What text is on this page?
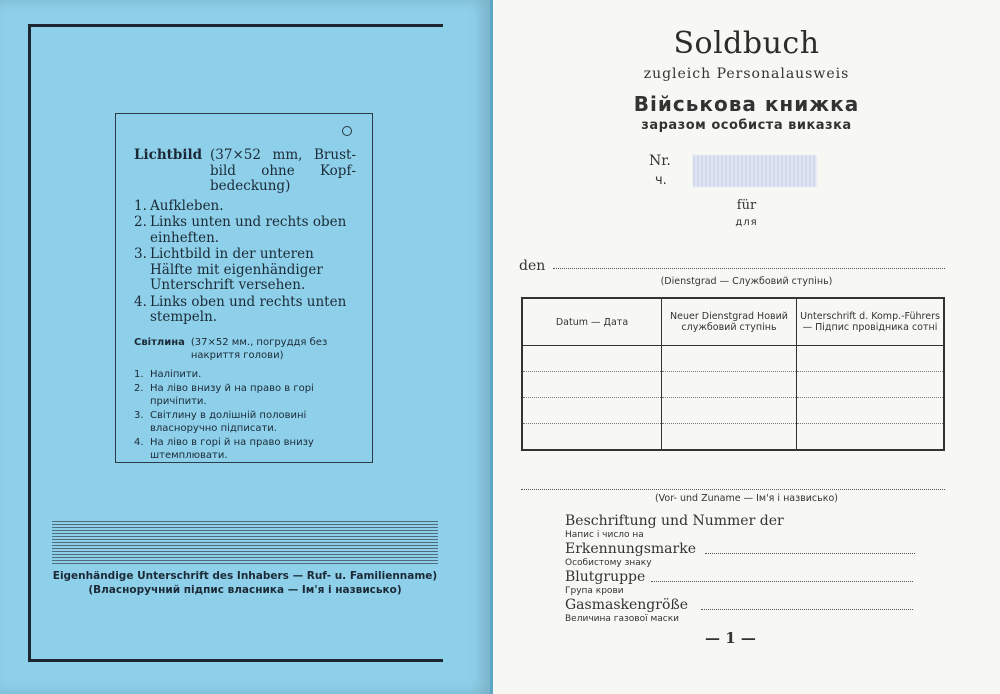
Lichtbild (37×52 mm, Brustbild ohne Kopfbedeckung)
1. Aufkleben.
2. Links unten und rechts oben einheften.
3. Lichtbild in der unteren Hälfte mit eigenhändiger Unterschrift versehen.
4. Links oben und rechts unten stempeln.
Світлина (37×52 мм., погруддя без накриття голови)
1. Наліпити.
2. На ліво внизу й на право в горі причіпити.
3. Світлину в долішній половині власноручно підписати.
4. На ліво в горі й на право внизу штемплювати.
Eigenhändige Unterschrift des Inhabers — Ruf- u. Familienname)
(Власноручний підпис власника — Ім'я і назвисько)
Soldbuch
zugleich Personalausweis
Військова книжка
заразом особиста виказка
Nr.
ч.
für
для
den
(Dienstgrad — Службовий ступінь)
Datum — Дата	Neuer Dienstgrad Новий службовий ступінь	Unterschrift d. Komp.-Führers — Підпис провідника сотні

(Vor- und Zuname — Ім'я і назвисько)
Beschriftung und Nummer der
Напис і число на
Erkennungsmarke
Особистому знаку
Blutgruppe
Група крови
Gasmaskengröße
Величина газової маски
— 1 —
